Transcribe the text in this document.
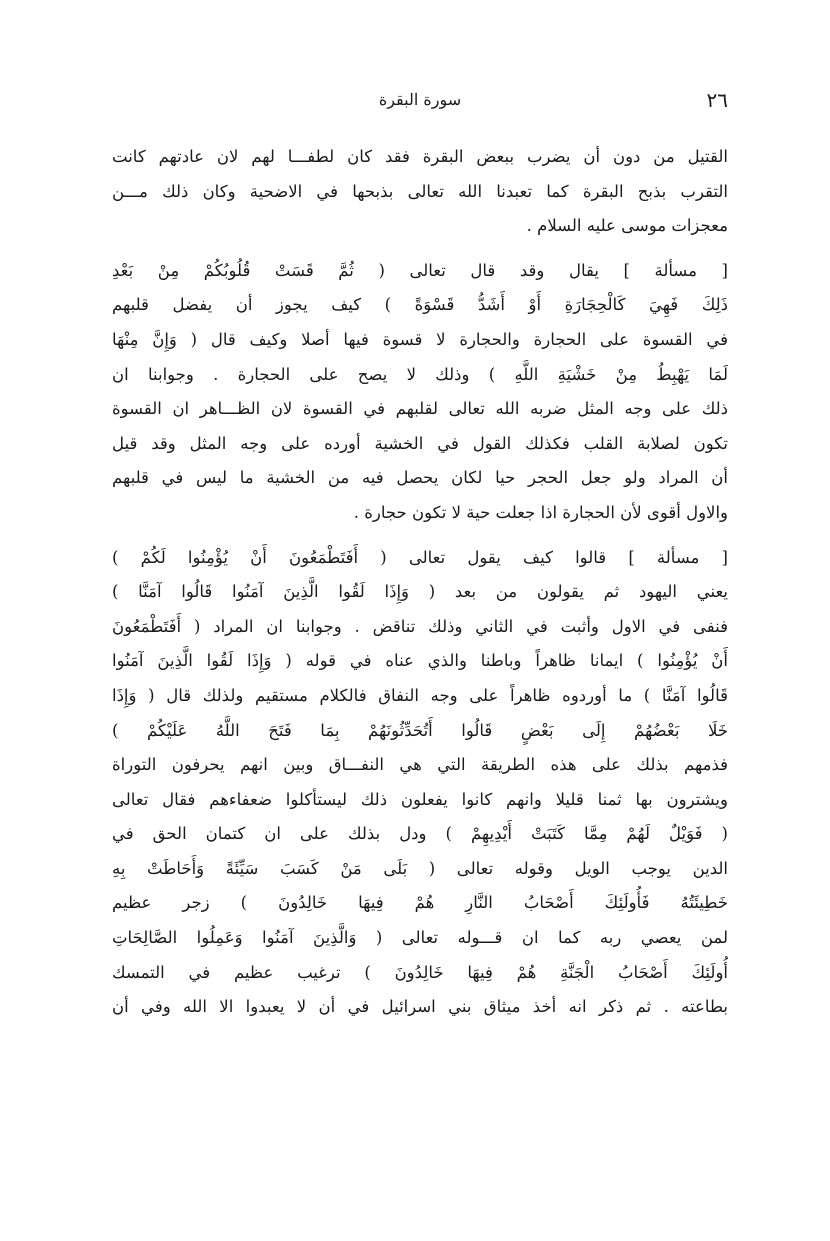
٢٦
سورة البقرة
القتيل من دون أن يضرب ببعض البقرة فقد كان لطفـــا لهم لان عادتهم كانت
التقرب بذبح البقرة كما تعبدنا الله تعالى بذبحها في الاضحية وكان ذلك مـــن
معجزات موسى عليه السلام .
[ مسألة ] يقال وقد قال تعالى ( ثُمَّ قَسَتْ قُلُوبُكُمْ مِنْ بَعْدِ
ذَلِكَ فَهِيَ كَالْحِجَارَةِ أَوْ أَشَدُّ قَسْوَةً ) كيف يجوز أن يفضل قلبهم
في القسوة على الحجارة والحجارة لا قسوة فيها أصلا وكيف قال ( وَإِنَّ مِنْهَا
لَمَا يَهْبِطُ مِنْ خَشْيَةِ اللَّهِ ) وذلك لا يصح على الحجارة . وجوابنا ان
ذلك على وجه المثل ضربه الله تعالى لقلبهم في القسوة لان الظـــاهر ان القسوة
تكون لصلابة القلب فكذلك القول في الخشية أورده على وجه المثل وقد قيل
أن المراد ولو جعل الحجر حيا لكان يحصل فيه من الخشية ما ليس في قلبهم
والاول أقوى لأن الحجارة اذا جعلت حية لا تكون حجارة .
[ مسألة ] قالوا كيف يقول تعالى ( أَفَتَطْمَعُونَ أَنْ يُؤْمِنُوا لَكُمْ )
يعني اليهود ثم يقولون من بعد ( وَإِذَا لَقُوا الَّذِينَ آمَنُوا قَالُوا آمَنَّا )
فنفى في الاول وأثبت في الثاني وذلك تناقض . وجوابنا ان المراد ( أَفَتَطْمَعُونَ
أَنْ يُؤْمِنُوا ) ايمانا ظاهراً وباطنا والذي عناه في قوله ( وَإِذَا لَقُوا الَّذِينَ آمَنُوا
قَالُوا آمَنَّا ) ما أوردوه ظاهراً على وجه النفاق فالكلام مستقيم ولذلك قال ( وَإِذَا
خَلَا بَعْضُهُمْ إِلَى بَعْضٍ قَالُوا أَتُحَدِّثُونَهُمْ بِمَا فَتَحَ اللَّهُ عَلَيْكُمْ )
فذمهم بذلك على هذه الطريقة التي هي النفـــاق وبين انهم يحرفون التوراة
ويشترون بها ثمنا قليلا وانهم كانوا يفعلون ذلك ليستأكلوا ضعفاءهم فقال تعالى
( فَوَيْلٌ لَهُمْ مِمَّا كَتَبَتْ أَيْدِيهِمْ ) ودل بذلك على ان كتمان الحق في
الدين يوجب الويل وقوله تعالى ( بَلَى مَنْ كَسَبَ سَيِّئَةً وَأَحَاطَتْ بِهِ
خَطِيئَتُهُ فَأُولَئِكَ أَصْحَابُ النَّارِ هُمْ فِيهَا خَالِدُونَ ) زجر عظيم
لمن يعصي ربه كما ان قـــوله تعالى ( وَالَّذِينَ آمَنُوا وَعَمِلُوا الصَّالِحَاتِ
أُولَئِكَ أَصْحَابُ الْجَنَّةِ هُمْ فِيهَا خَالِدُونَ ) ترغيب عظيم في التمسك
بطاعته . ثم ذكر انه أخذ ميثاق بني اسرائيل في أن لا يعبدوا الا الله وفي أن
